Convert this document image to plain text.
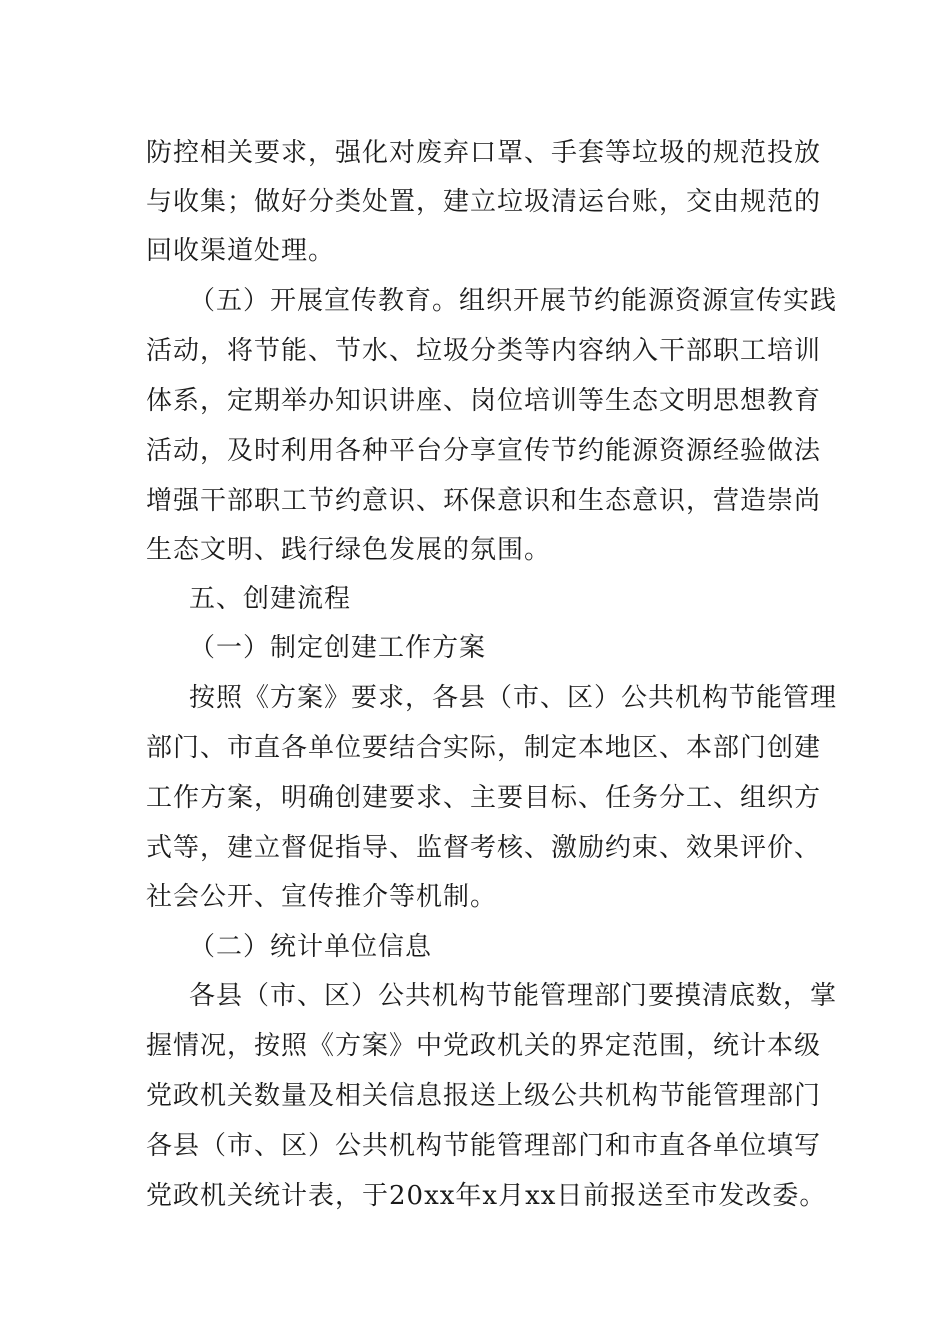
防控相关要求，强化对废弃口罩、手套等垃圾的规范投放
与收集；做好分类处置，建立垃圾清运台账，交由规范的
回收渠道处理。
（五）开展宣传教育。组织开展节约能源资源宣传实践
活动，将节能、节水、垃圾分类等内容纳入干部职工培训
体系，定期举办知识讲座、岗位培训等生态文明思想教育
活动，及时利用各种平台分享宣传节约能源资源经验做法
增强干部职工节约意识、环保意识和生态意识，营造崇尚
生态文明、践行绿色发展的氛围。
五、创建流程
（一）制定创建工作方案
按照《方案》要求，各县（市、区）公共机构节能管理
部门、市直各单位要结合实际，制定本地区、本部门创建
工作方案，明确创建要求、主要目标、任务分工、组织方
式等，建立督促指导、监督考核、激励约束、效果评价、
社会公开、宣传推介等机制。
（二）统计单位信息
各县（市、区）公共机构节能管理部门要摸清底数，掌
握情况，按照《方案》中党政机关的界定范围，统计本级
党政机关数量及相关信息报送上级公共机构节能管理部门
各县（市、区）公共机构节能管理部门和市直各单位填写
党政机关统计表，于20xx年x月xx日前报送至市发改委。
